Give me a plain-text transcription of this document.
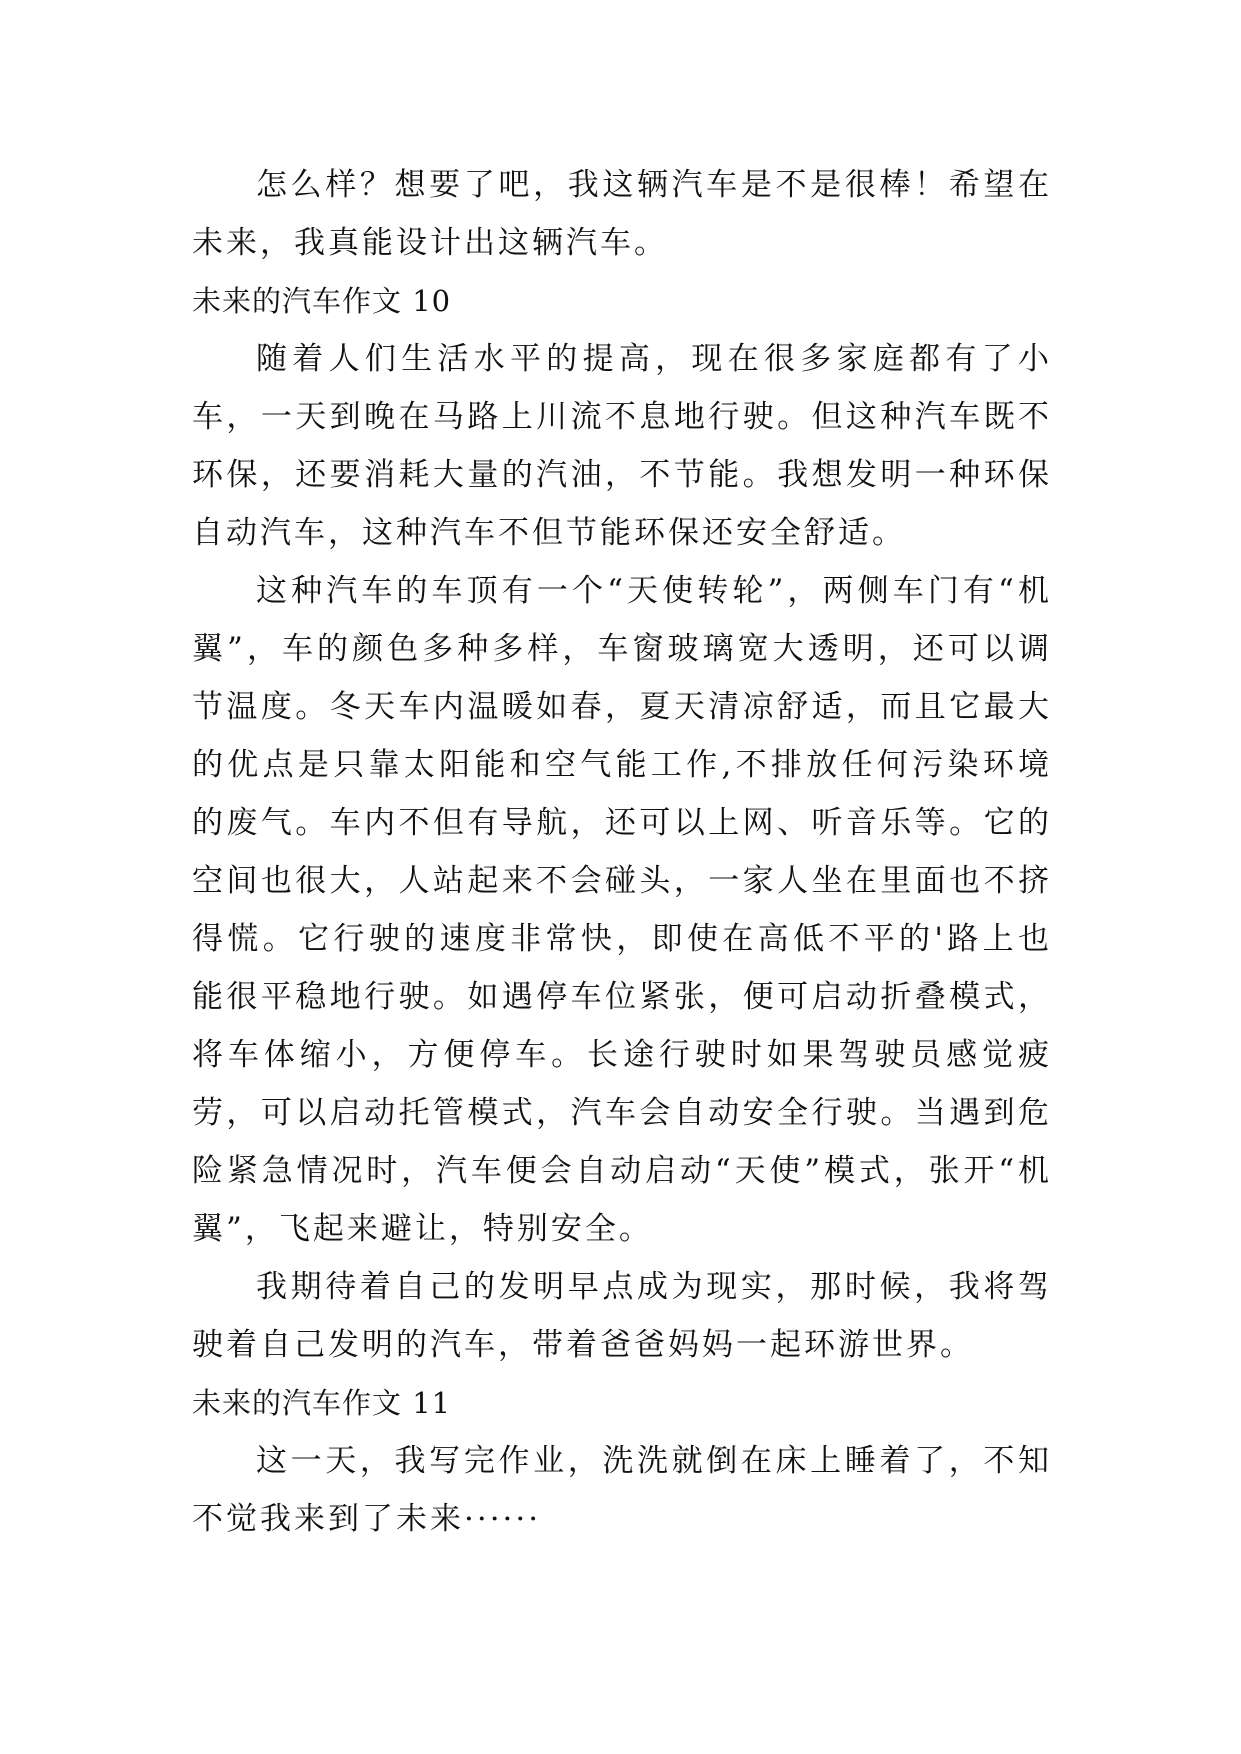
怎么样？想要了吧，我这辆汽车是不是很棒！希望在未来，我真能设计出这辆汽车。

未来的汽车作文 10

随着人们生活水平的提高，现在很多家庭都有了小车，一天到晚在马路上川流不息地行驶。但这种汽车既不环保，还要消耗大量的汽油，不节能。我想发明一种环保自动汽车，这种汽车不但节能环保还安全舒适。

这种汽车的车顶有一个“天使转轮”，两侧车门有“机翼”，车的颜色多种多样，车窗玻璃宽大透明，还可以调节温度。冬天车内温暖如春，夏天清凉舒适，而且它最大的优点是只靠太阳能和空气能工作,不排放任何污染环境的废气。车内不但有导航，还可以上网、听音乐等。它的空间也很大，人站起来不会碰头，一家人坐在里面也不挤得慌。它行驶的速度非常快，即使在高低不平的'路上也能很平稳地行驶。如遇停车位紧张，便可启动折叠模式，将车体缩小，方便停车。长途行驶时如果驾驶员感觉疲劳，可以启动托管模式，汽车会自动安全行驶。当遇到危险紧急情况时，汽车便会自动启动“天使”模式，张开“机翼”，飞起来避让，特别安全。

我期待着自己的发明早点成为现实，那时候，我将驾驶着自己发明的汽车，带着爸爸妈妈一起环游世界。

未来的汽车作文 11

这一天，我写完作业，洗洗就倒在床上睡着了，不知不觉我来到了未来······
